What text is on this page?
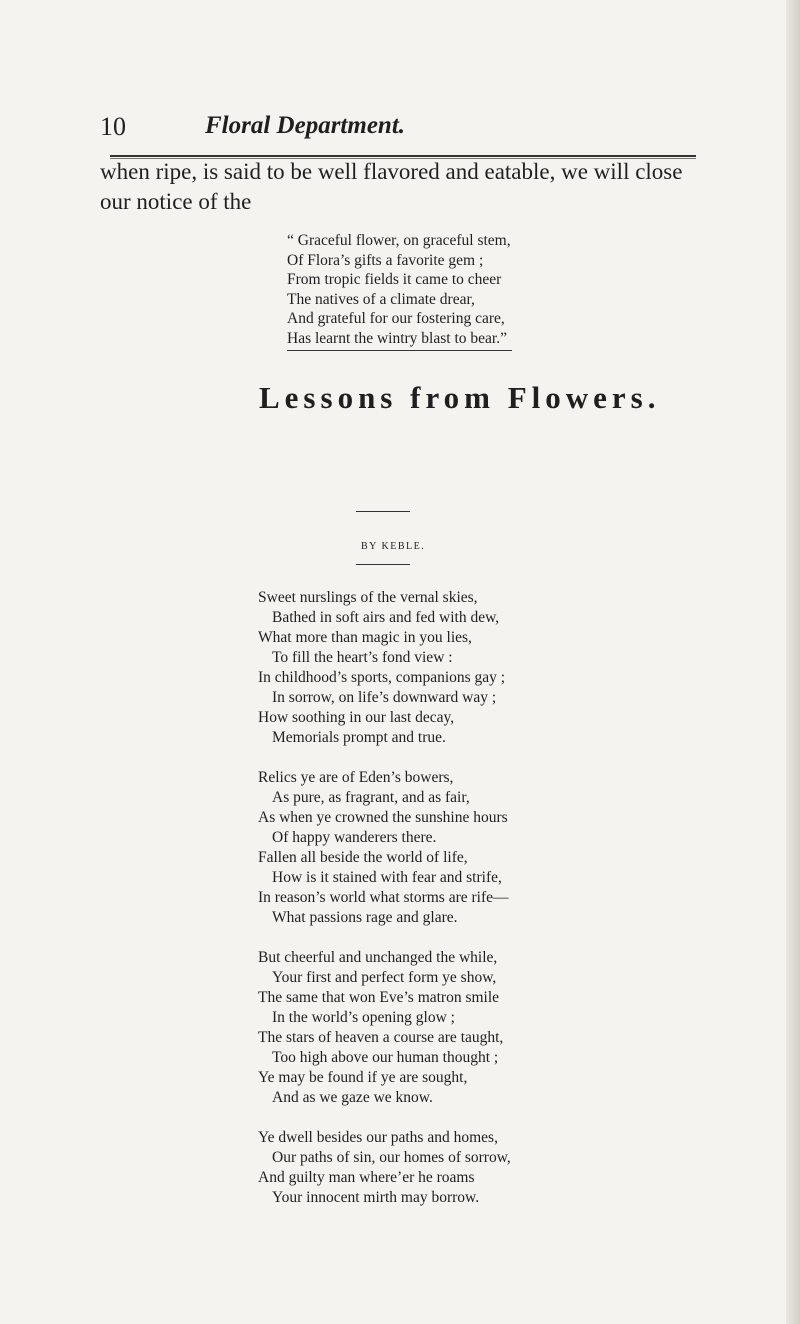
10	Floral Department.
when ripe, is said to be well flavored and eatable, we will close
our notice of the
“ Graceful flower, on graceful stem,
Of Flora’s gifts a favorite gem ;
From tropic fields it came to cheer
The natives of a climate drear,
And grateful for our fostering care,
Has learnt the wintry blast to bear.”
Lessons from Flowers.
BY KEBLE.
Sweet nurslings of the vernal skies,
Bathed in soft airs and fed with dew,
What more than magic in you lies,
To fill the heart’s fond view :
In childhood’s sports, companions gay ;
In sorrow, on life’s downward way ;
How soothing in our last decay,
Memorials prompt and true.
Relics ye are of Eden’s bowers,
As pure, as fragrant, and as fair,
As when ye crowned the sunshine hours
Of happy wanderers there.
Fallen all beside the world of life,
How is it stained with fear and strife,
In reason’s world what storms are rife—
What passions rage and glare.
But cheerful and unchanged the while,
Your first and perfect form ye show,
The same that won Eve’s matron smile
In the world’s opening glow ;
The stars of heaven a course are taught,
Too high above our human thought ;
Ye may be found if ye are sought,
And as we gaze we know.
Ye dwell besides our paths and homes,
Our paths of sin, our homes of sorrow,
And guilty man where’er he roams
Your innocent mirth may borrow.
